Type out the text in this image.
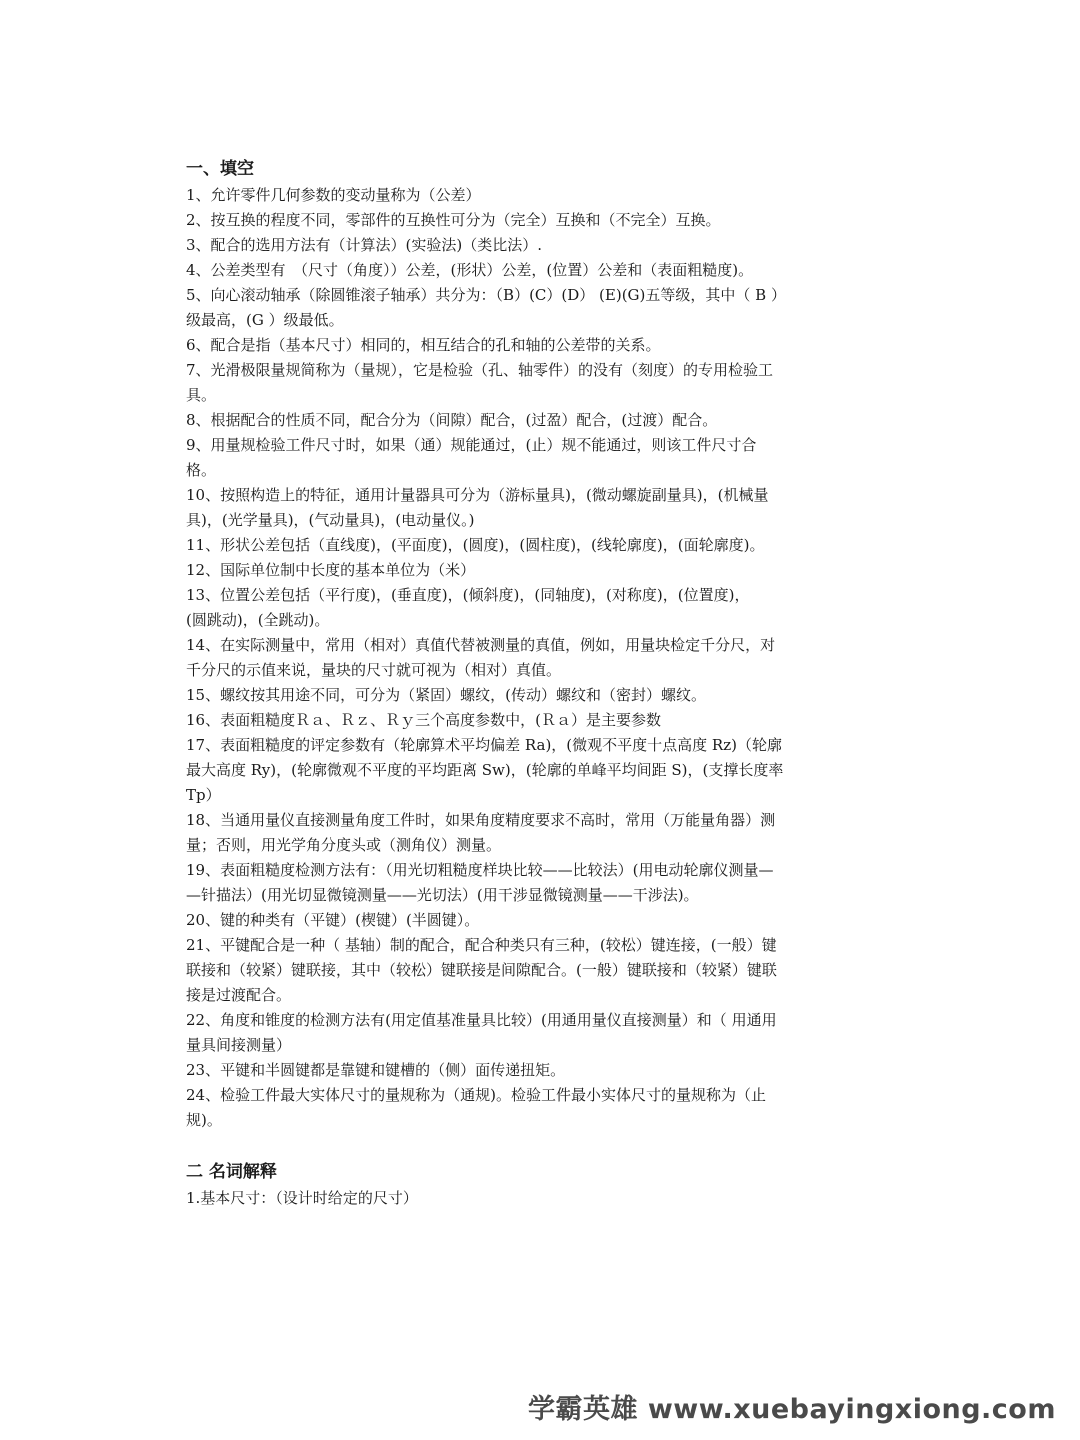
一、填空

1、允许零件几何参数的变动量称为（公差）

2、按互换的程度不同，零部件的互换性可分为（完全）互换和（不完全）互换。

3、配合的选用方法有（计算法）(实验法)（类比法）.

4、公差类型有　（尺寸（角度））公差，(形状）公差，(位置）公差和（表面粗糙度)。

5、向心滚动轴承（除圆锥滚子轴承）共分为：（B）(C）(D） (E)(G)五等级，其中（ B ）
级最高，(G ）级最低。

6、配合是指（基本尺寸）相同的，相互结合的孔和轴的公差带的关系。

7、光滑极限量规简称为（量规），它是检验（孔、轴零件）的没有（刻度）的专用检验工
具。

8、根据配合的性质不同，配合分为（间隙）配合，(过盈）配合，(过渡）配合。

9、用量规检验工件尺寸时，如果（通）规能通过，(止）规不能通过，则该工件尺寸合
格。

10、按照构造上的特征，通用计量器具可分为（游标量具)，(微动螺旋副量具)，(机械量
具)，(光学量具)，(气动量具)，(电动量仪。)

11、形状公差包括（直线度)，(平面度)，(圆度)，(圆柱度)，(线轮廓度)，(面轮廓度)。

12、国际单位制中长度的基本单位为（米）

13、位置公差包括（平行度)，(垂直度)，(倾斜度)，(同轴度)，(对称度)，(位置度)，
(圆跳动)，(全跳动)。

14、在实际测量中，常用（相对）真值代替被测量的真值，例如，用量块检定千分尺，对
千分尺的示值来说，量块的尺寸就可视为（相对）真值。

15、螺纹按其用途不同，可分为（紧固）螺纹，(传动）螺纹和（密封）螺纹。

16、表面粗糙度Ｒａ、Ｒｚ、Ｒｙ三个高度参数中，(Ｒａ）是主要参数

17、表面粗糙度的评定参数有（轮廓算术平均偏差 Ra)，(微观不平度十点高度 Rz)（轮廓
最大高度 Ry)，(轮廓微观不平度的平均距离 Sw)，(轮廓的单峰平均间距 S)，(支撑长度率
Tp）

18、当通用量仪直接测量角度工件时，如果角度精度要求不高时，常用（万能量角器）测
量；否则，用光学角分度头或（测角仪）测量。

19、表面粗糙度检测方法有：（用光切粗糙度样块比较——比较法）(用电动轮廓仪测量—
—针描法）(用光切显微镜测量——光切法）(用干涉显微镜测量——干涉法)。

20、键的种类有（平键）(楔键）(半圆键）。

21、平键配合是一种（ 基轴）制的配合，配合种类只有三种，(较松）键连接，(一般）键
联接和（较紧）键联接，其中（较松）键联接是间隙配合。(一般）键联接和（较紧）键联
接是过渡配合。

22、角度和锥度的检测方法有(用定值基准量具比较）(用通用量仪直接测量）和（ 用通用
量具间接测量）

23、平键和半圆键都是靠键和键槽的（侧）面传递扭矩。

24、检验工件最大实体尺寸的量规称为（通规)。检验工件最小实体尺寸的量规称为（止
规)。

二 名词解释

1.基本尺寸：（设计时给定的尺寸）

学霸英雄 www.xuebayingxiong.com
